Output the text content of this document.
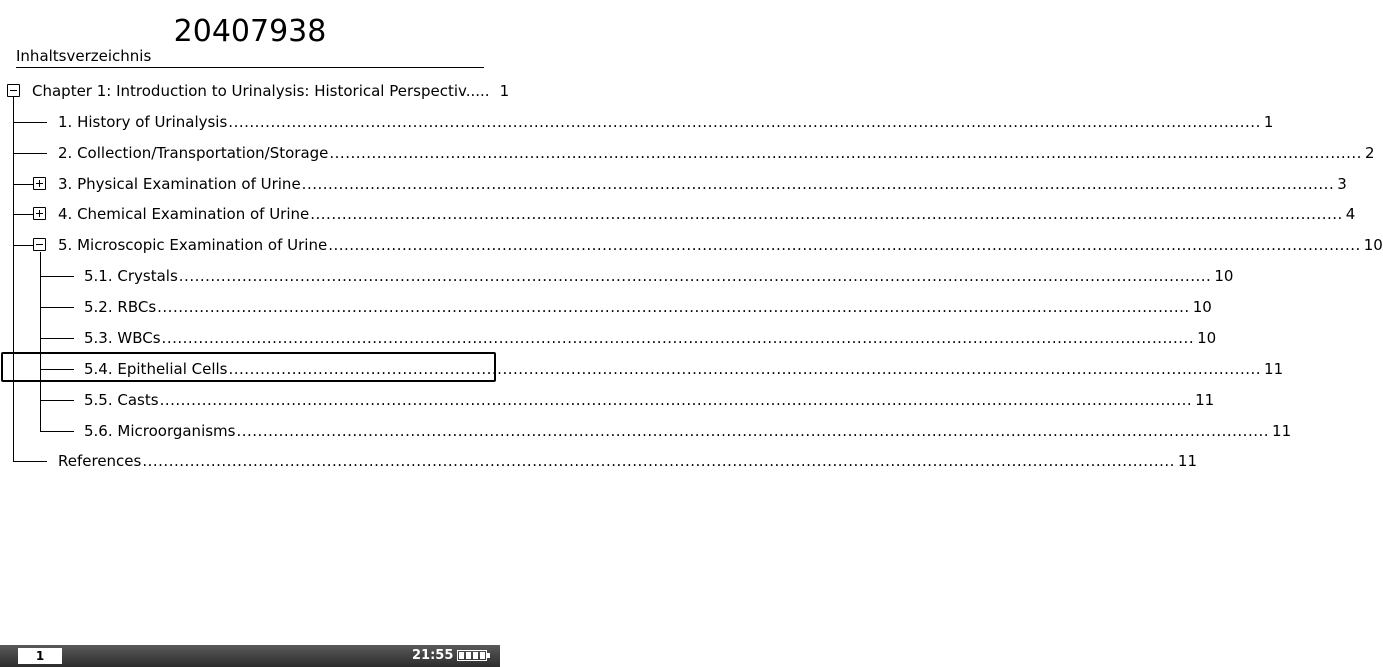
20407938
Inhaltsverzeichnis
Chapter 1: Introduction to Urinalysis: Historical Perspectiv..... 1
1. History of Urinalysis .....	1
2. Collection/Transportation/Storage .....	2
3. Physical Examination of Urine .....	3
4. Chemical Examination of Urine .....	4
5. Microscopic Examination of Urine .....	10
5.1. Crystals .....	10
5.2. RBCs .....	10
5.3. WBCs .....	10
5.4. Epithelial Cells .....	11
5.5. Casts .....	11
5.6. Microorganisms .....	11
References .....	11
1	21:55
